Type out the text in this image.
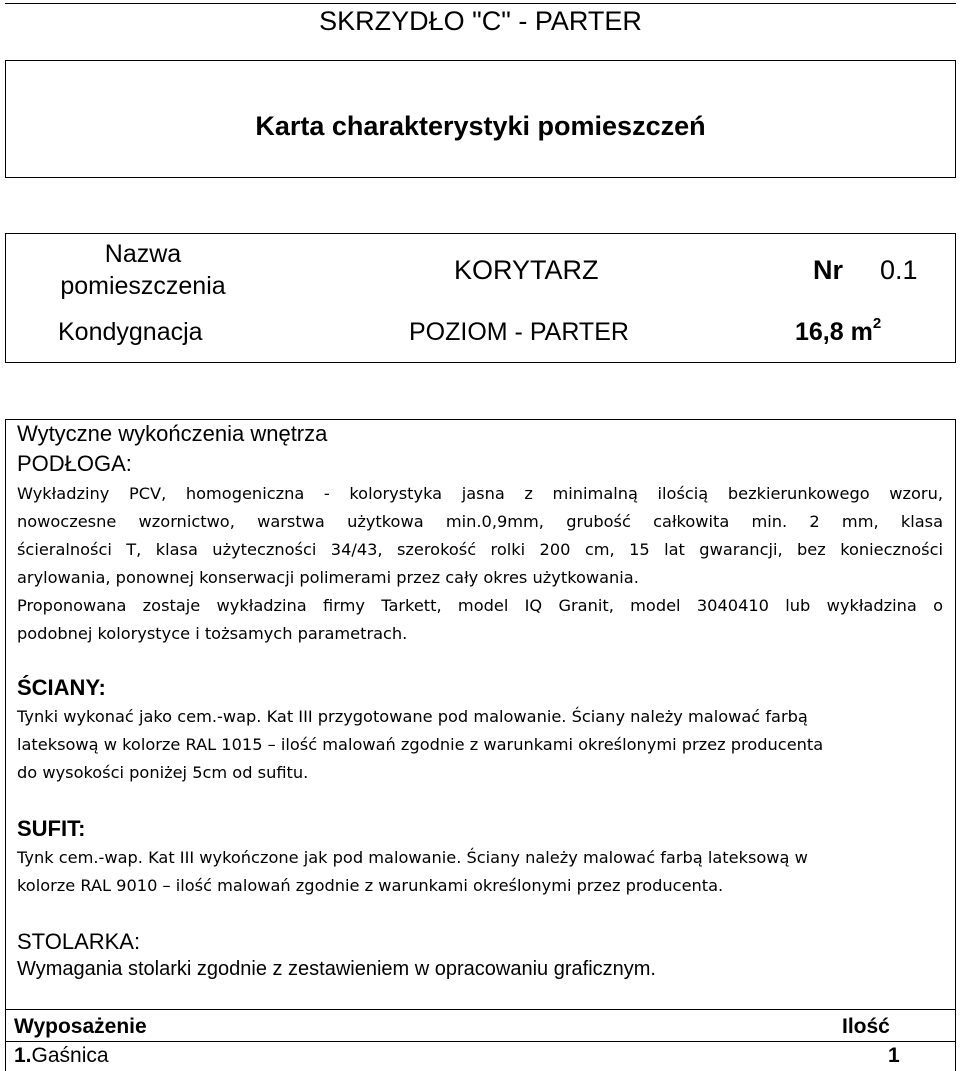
SKRZYDŁO "C" - PARTER
Karta charakterystyki pomieszczeń
Nazwa
pomieszczenia
KORYTARZ	Nr 0.1
Kondygnacja	POZIOM - PARTER	16,8 $m^2$
Wytyczne wykończenia wnętrza
PODŁOGA:
Wykładziny PCV, homogeniczna - kolorystyka jasna z minimalną ilością bezkierunkowego wzoru,
nowoczesne wzornictwo, warstwa użytkowa min.0,9mm, grubość całkowita min. 2 mm, klasa
ścieralności T, klasa użyteczności 34/43, szerokość rolki 200 cm, 15 lat gwarancji, bez konieczności
arylowania, ponownej konserwacji polimerami przez cały okres użytkowania.
Proponowana zostaje wykładzina firmy Tarkett, model IQ Granit, model 3040410 lub wykładzina o
podobnej kolorystyce i tożsamych parametrach.
ŚCIANY:
Tynki wykonać jako cem.-wap. Kat III przygotowane pod malowanie. Ściany należy malować farbą
lateksową w kolorze RAL 1015 – ilość malowań zgodnie z warunkami określonymi przez producenta
do wysokości poniżej 5cm od sufitu.
SUFIT:
Tynk cem.-wap. Kat III wykończone jak pod malowanie. Ściany należy malować farbą lateksową w
kolorze RAL 9010 – ilość malowań zgodnie z warunkami określonymi przez producenta.
STOLARKA:
Wymagania stolarki zgodnie z zestawieniem w opracowaniu graficznym.
Wyposażenie	Ilość
1.Gaśnica	1
